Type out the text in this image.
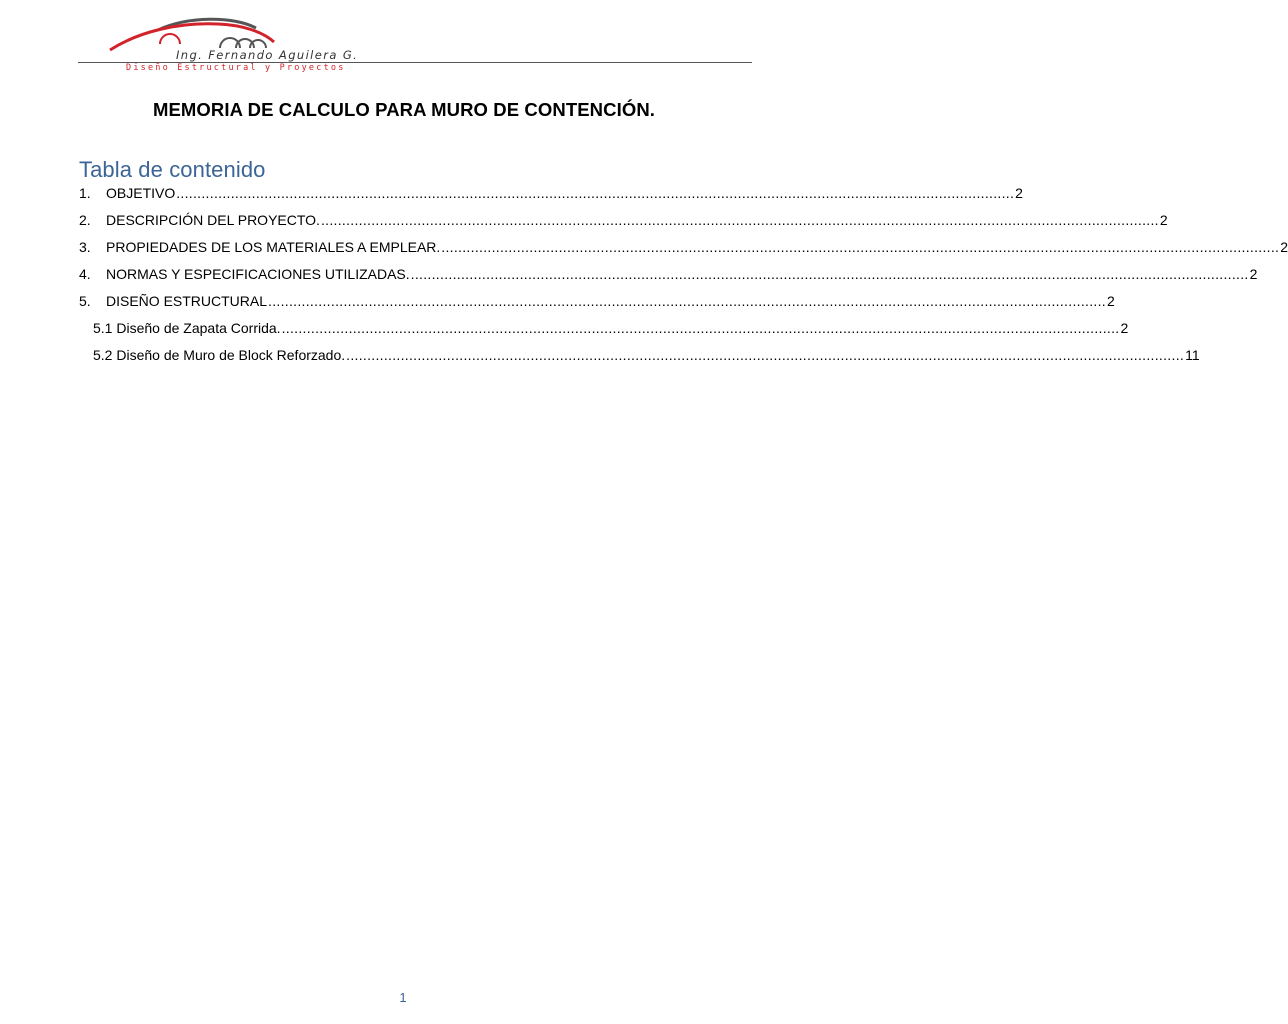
Ing. Fernando Aguilera G.
Diseño Estructural y Proyectos
MEMORIA DE CALCULO PARA MURO DE CONTENCIÓN.
Tabla de contenido
1.	OBJETIVO ........................................................................................................................................................................................................ 2
2.	DESCRIPCIÓN DEL PROYECTO. ........................................................................................................................................................................................................ 2
3.	PROPIEDADES DE LOS MATERIALES A EMPLEAR. ........................................................................................................................................................................................................ 2
4.	NORMAS Y ESPECIFICACIONES UTILIZADAS. ........................................................................................................................................................................................................ 2
5.	DISEÑO ESTRUCTURAL ........................................................................................................................................................................................................ 2
5.1 Diseño de Zapata Corrida. ........................................................................................................................................................................................................ 2
5.2 Diseño de Muro de Block Reforzado. ........................................................................................................................................................................................................ 11
1
